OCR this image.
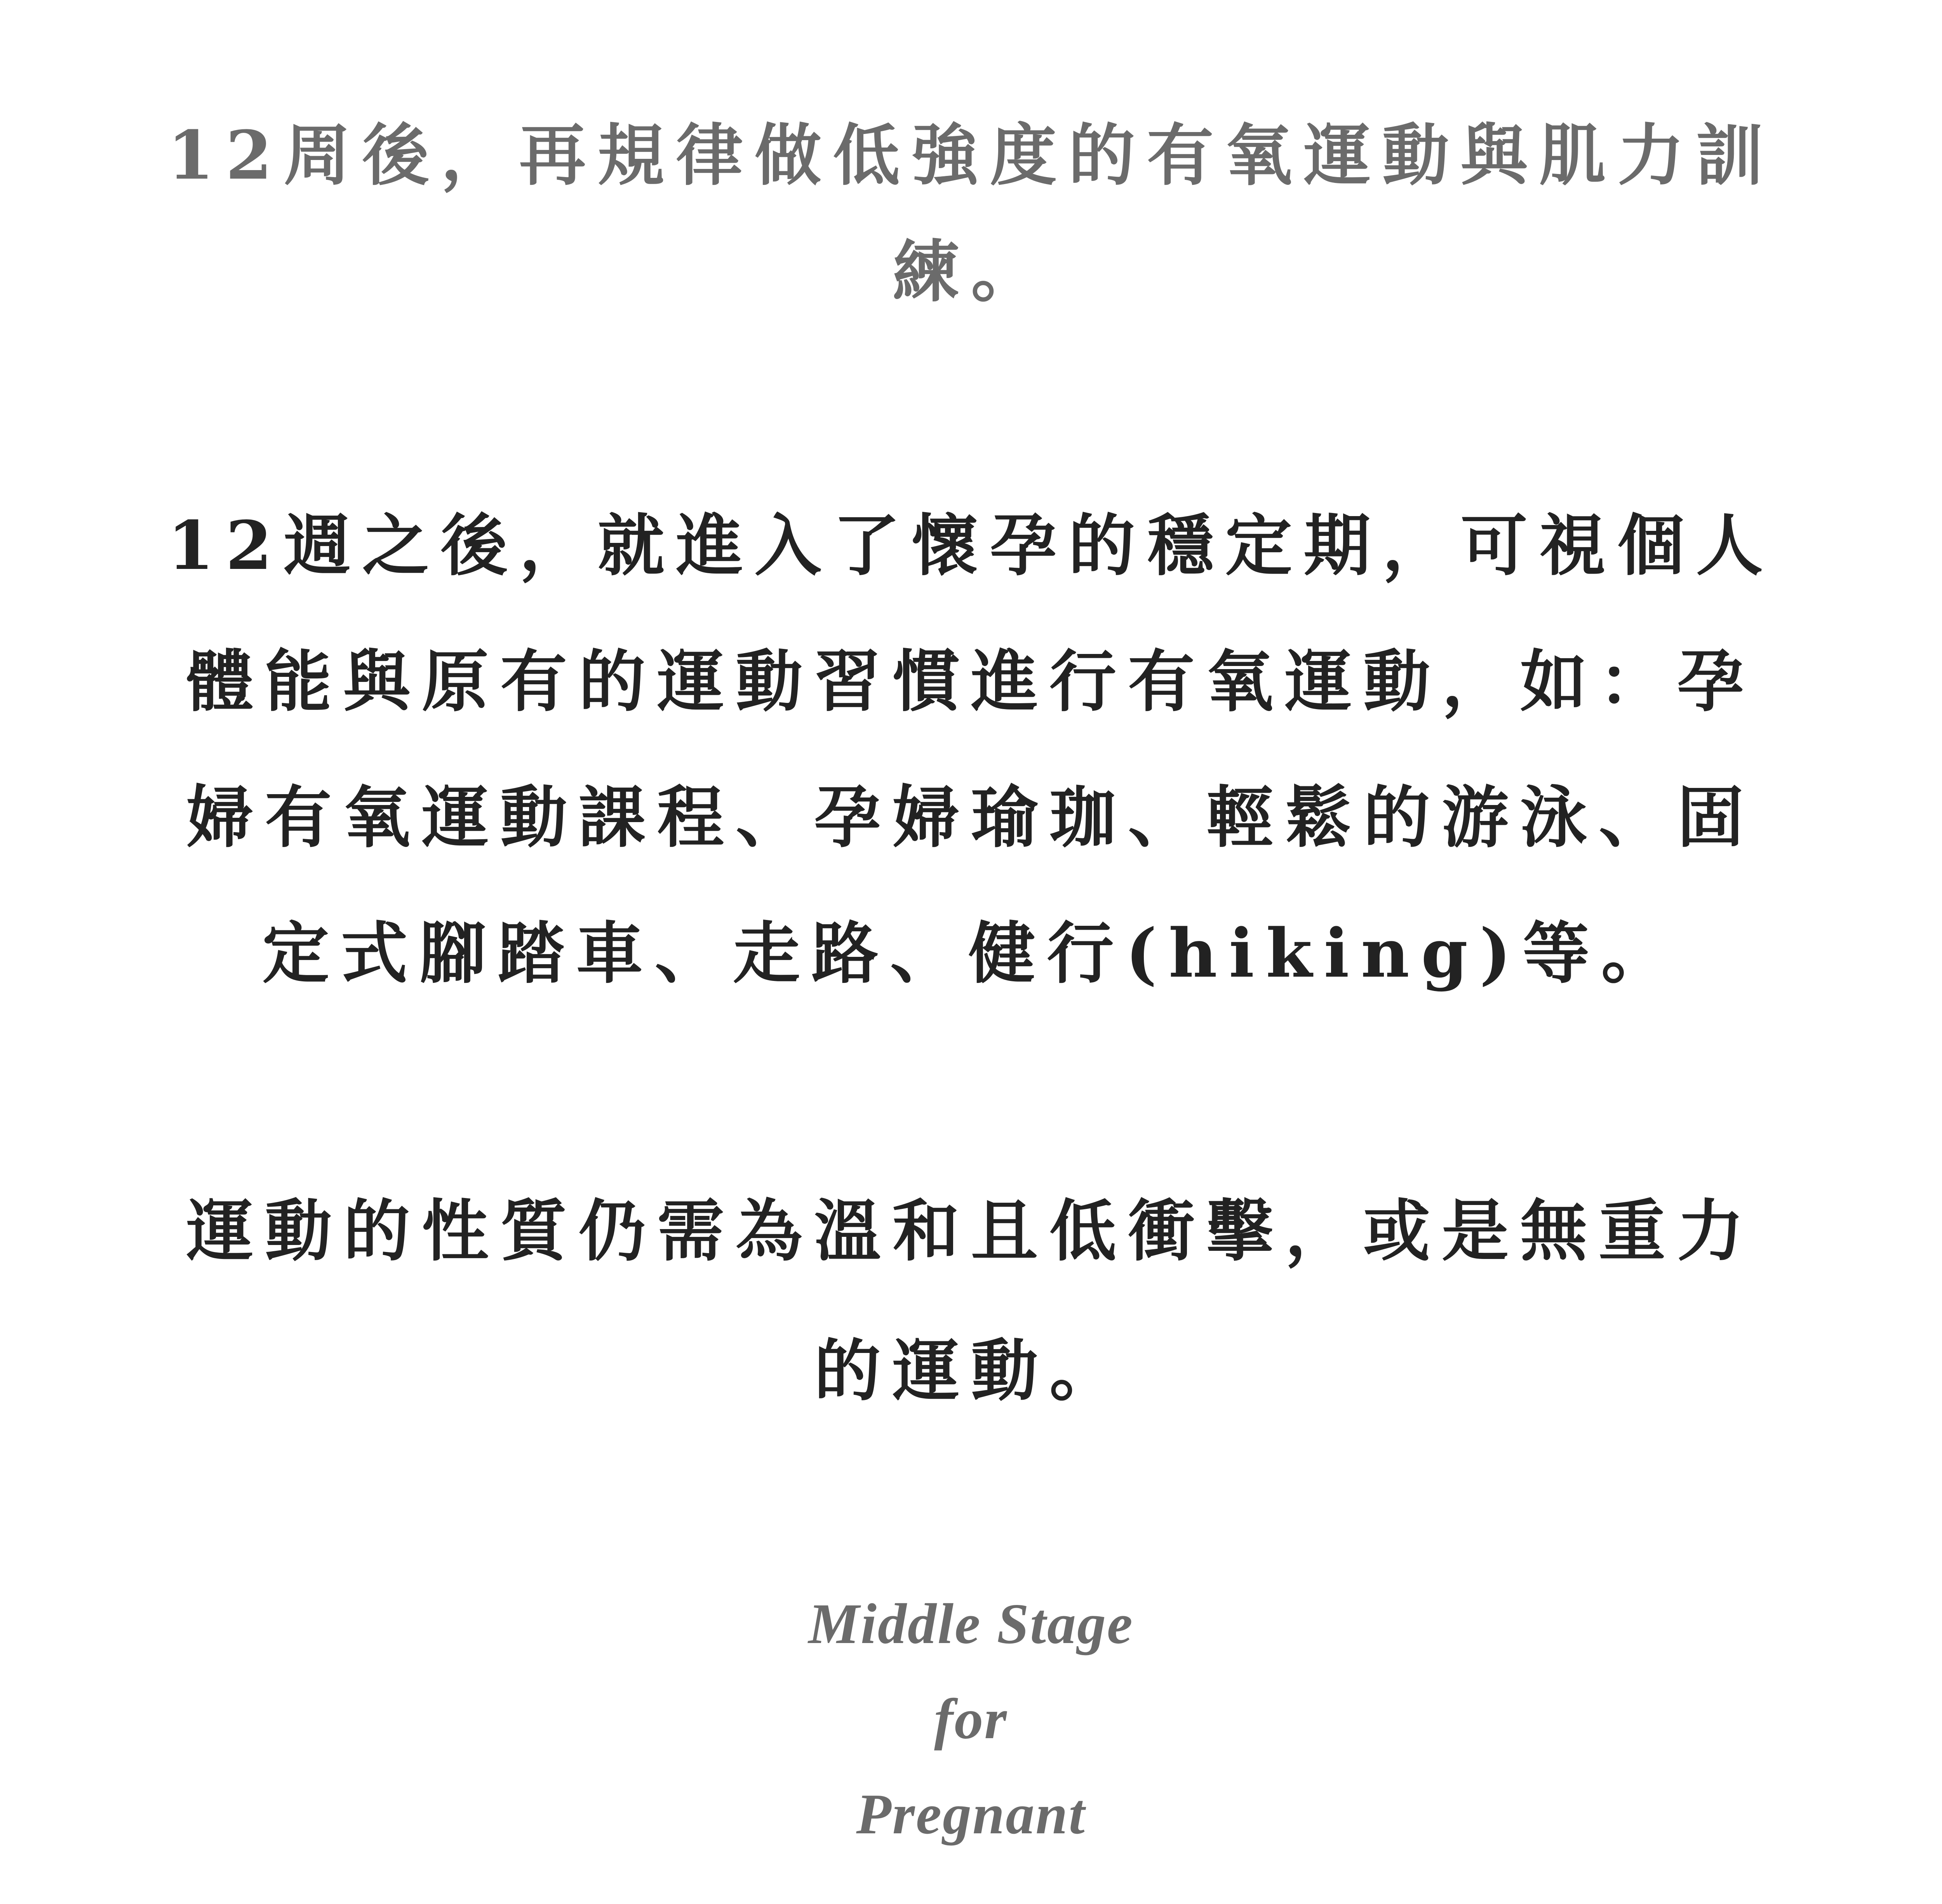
12周後，再規律做低強度的有氧運動與肌力訓練。

12週之後，就進入了懷孕的穩定期，可視個人體能與原有的運動習慣進行有氧運動，如：孕婦有氧運動課程、孕婦瑜珈、輕鬆的游泳、固定式腳踏車、走路、健行(hiking)等。

運動的性質仍需為溫和且低衝擊，或是無重力的運動。

Middle Stage
for
Pregnant
